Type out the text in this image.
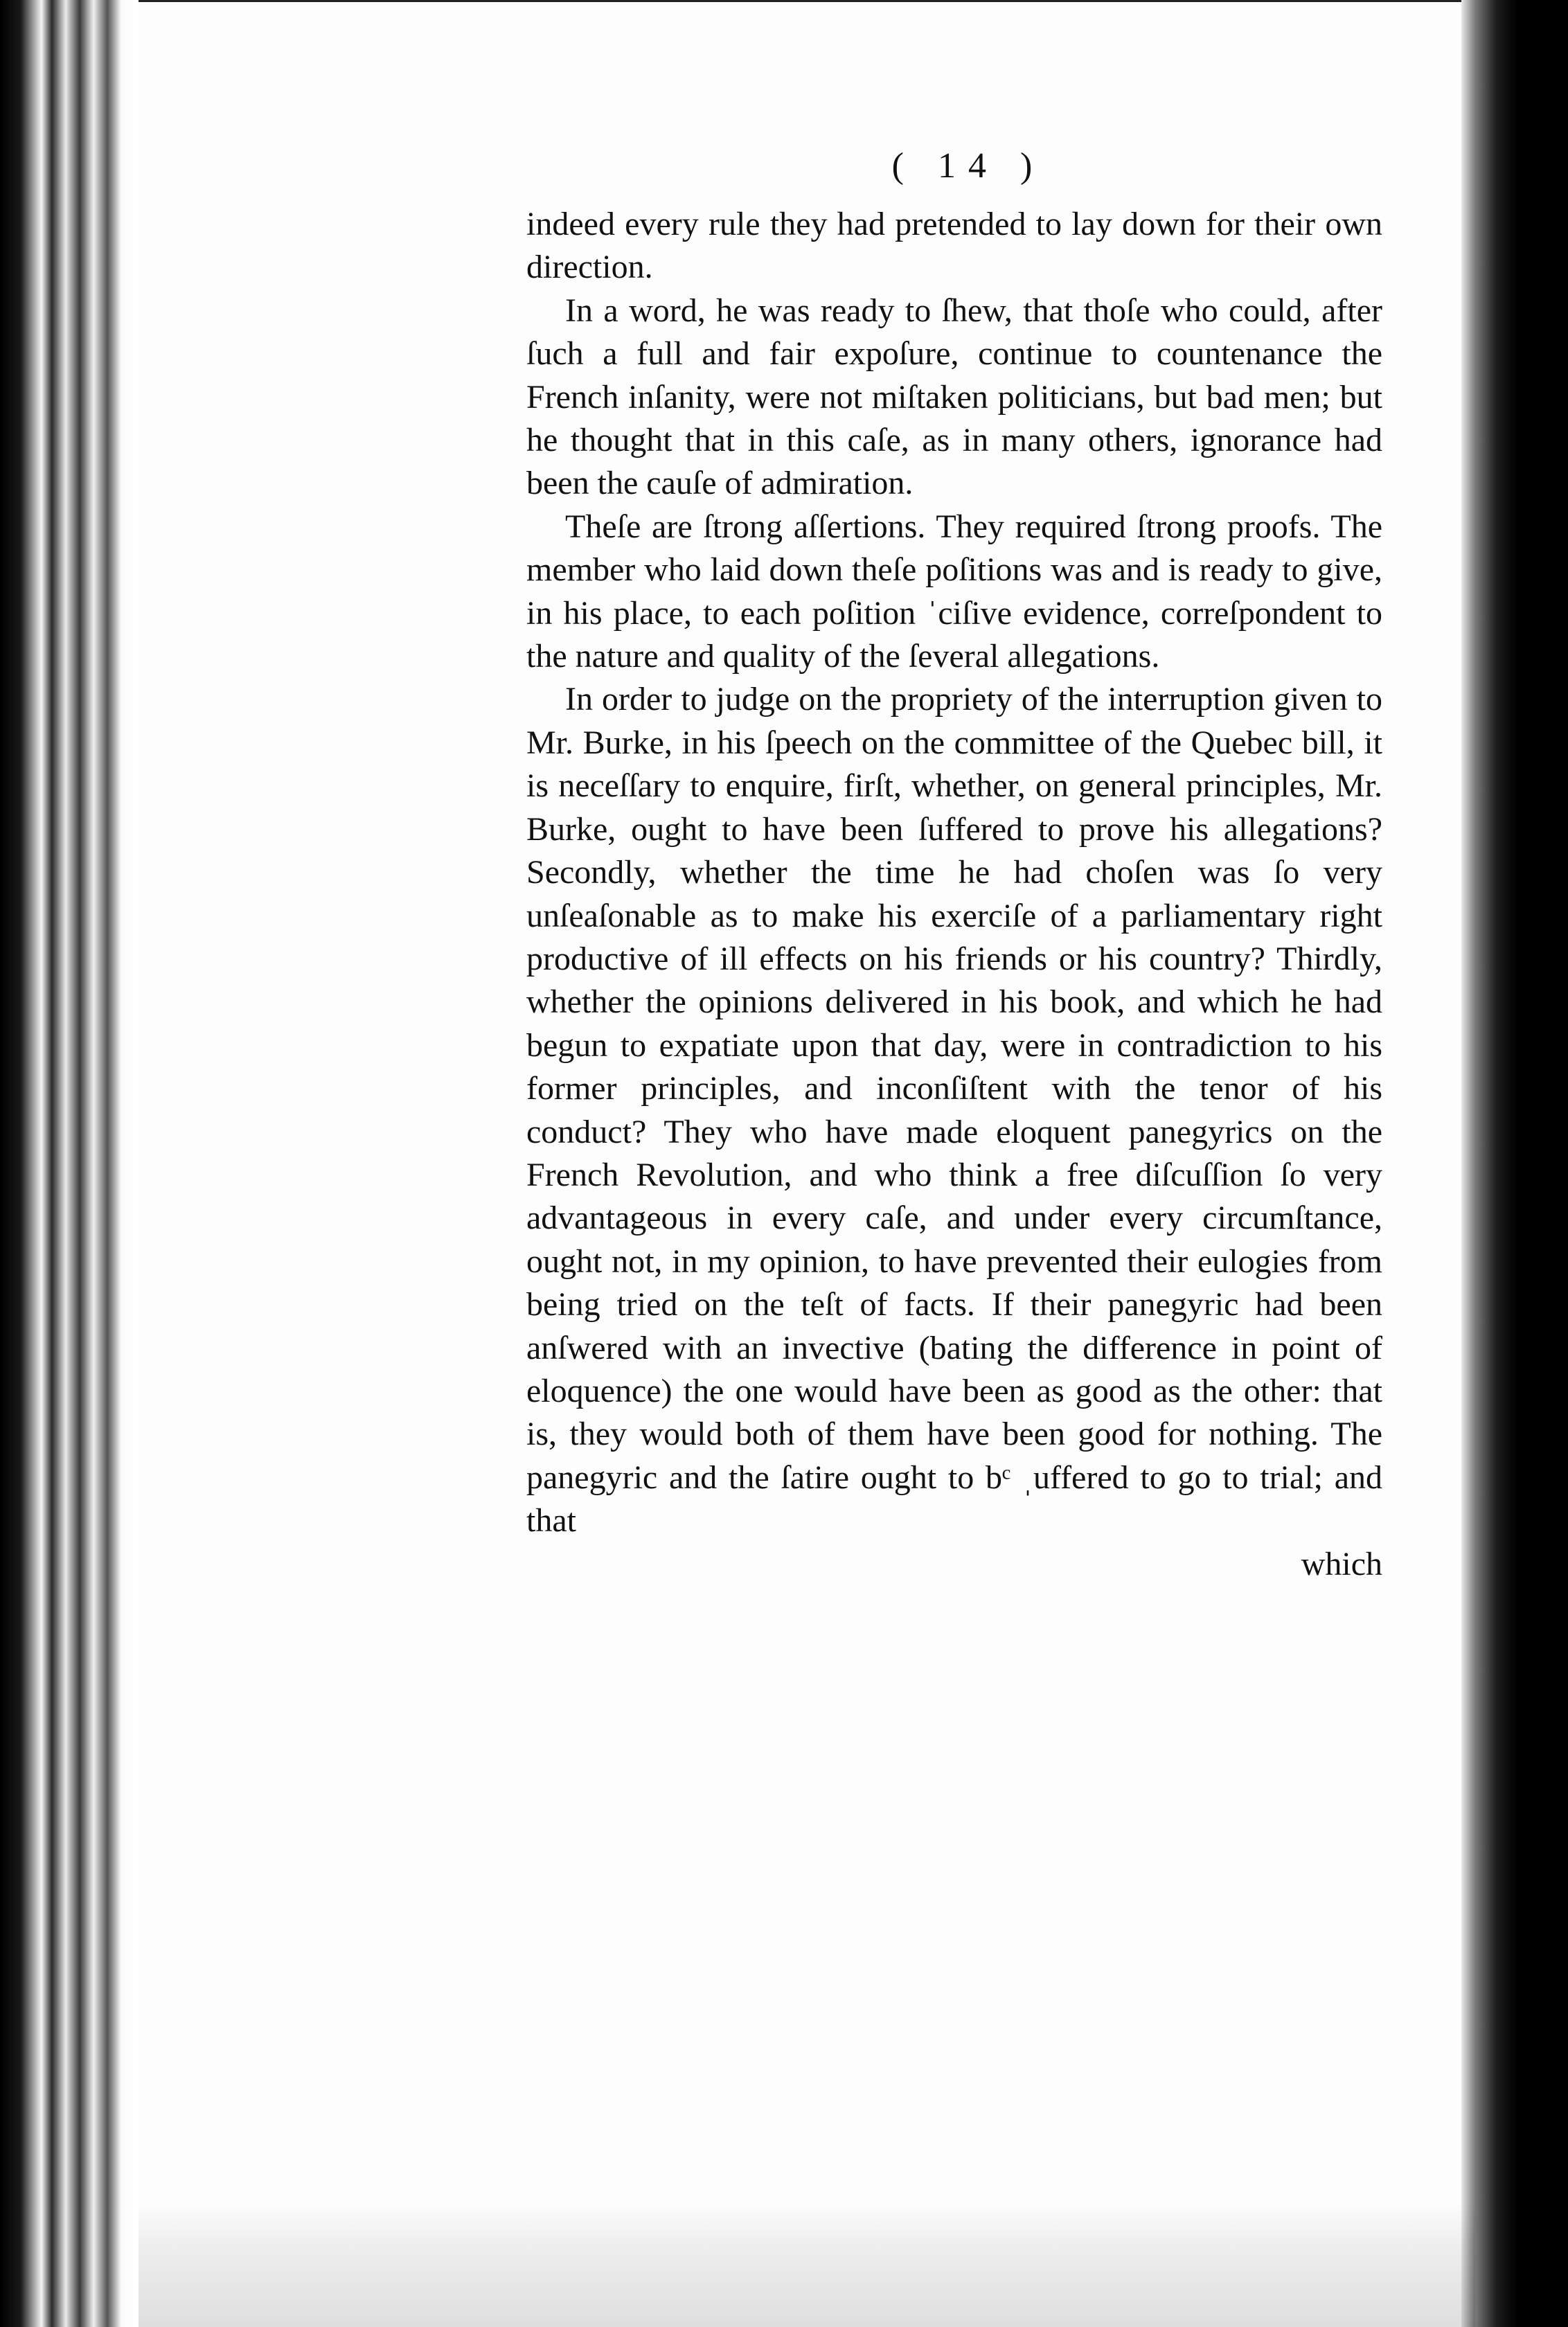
( 14 )

indeed every rule they had pretended to lay down for their own direction.

In a word, he was ready to ſhew, that thoſe who could, after ſuch a full and fair expoſure, continue to countenance the French inſanity, were not miſtaken politicians, but bad men; but he thought that in this caſe, as in many others, ignorance had been the cauſe of admiration.

Theſe are ſtrong aſſertions. They required ſtrong proofs. The member who laid down theſe poſitions was and is ready to give, in his place, to each poſition ˈciſive evidence, correſpondent to the nature and quality of the ſeveral allegations.

In order to judge on the propriety of the interruption given to Mr. Burke, in his ſpeech on the committee of the Quebec bill, it is neceſſary to enquire, firſt, whether, on general principles, Mr. Burke, ought to have been ſuffered to prove his allegations? Secondly, whether the time he had choſen was ſo very unſeaſonable as to make his exerciſe of a parliamentary right productive of ill effects on his friends or his country? Thirdly, whether the opinions delivered in his book, and which he had begun to expatiate upon that day, were in contradiction to his former principles, and inconſiſtent with the tenor of his conduct? They who have made eloquent panegyrics on the French Revolution, and who think a free diſcuſſion ſo very advantageous in every caſe, and under every circumſtance, ought not, in my opinion, to have prevented their eulogies from being tried on the teſt of facts. If their panegyric had been anſwered with an invective (bating the difference in point of eloquence) the one would have been as good as the other: that is, they would both of them have been good for nothing. The panegyric and the ſatire ought to bᶜ ˌuffered to go to trial; and that

which
